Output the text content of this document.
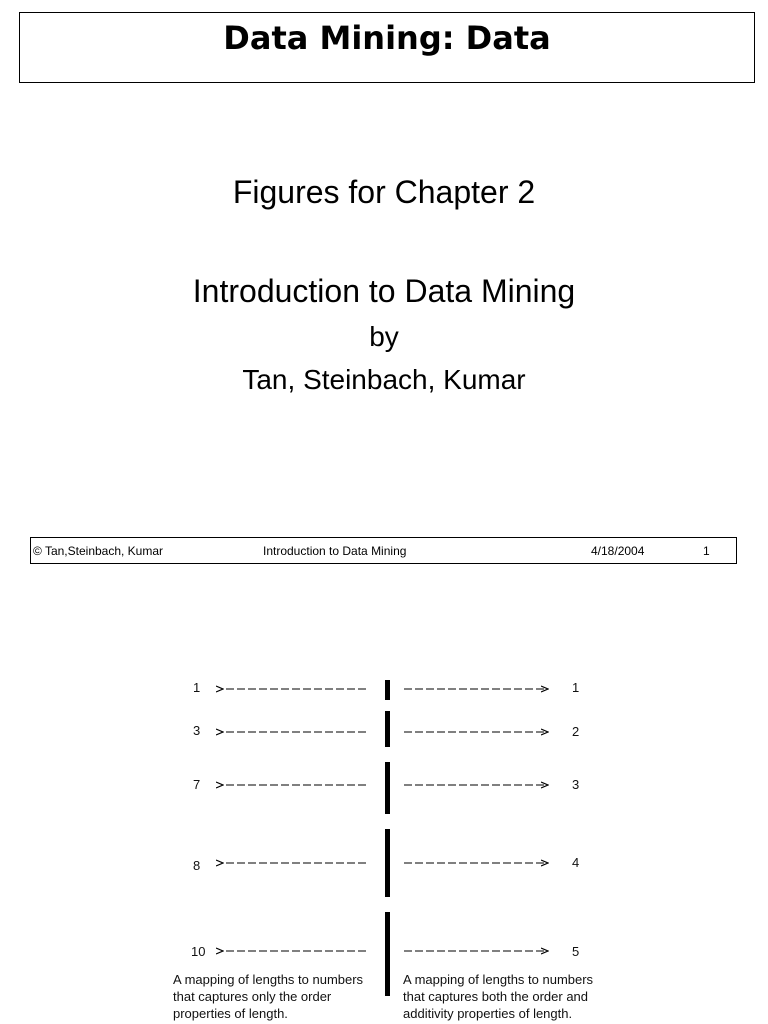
Data Mining: Data
Figures for Chapter 2
Introduction to Data Mining
by
Tan, Steinbach, Kumar
© Tan,Steinbach, Kumar	Introduction to Data Mining	4/18/2004	1
1
3
7
8
10
1
2
3
4
5
A mapping of lengths to numbers that captures only the order properties of length.
A mapping of lengths to numbers that captures both the order and additivity properties of length.
